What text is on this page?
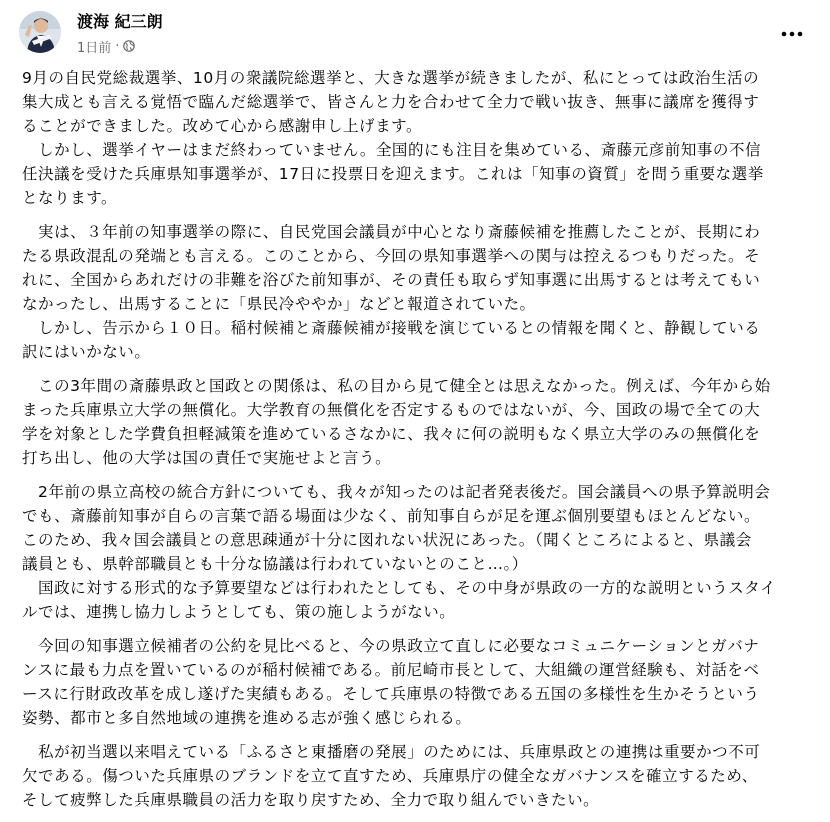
渡海 紀三朗
1日前 ·
9月の自民党総裁選挙、10月の衆議院総選挙と、大きな選挙が続きましたが、私にとっては政治生活の
集大成とも言える覚悟で臨んだ総選挙で、皆さんと力を合わせて全力で戦い抜き、無事に議席を獲得す
ることができました。改めて心から感謝申し上げます。
　しかし、選挙イヤーはまだ終わっていません。全国的にも注目を集めている、斎藤元彦前知事の不信
任決議を受けた兵庫県知事選挙が、17日に投票日を迎えます。これは「知事の資質」を問う重要な選挙
となります。
　実は、３年前の知事選挙の際に、自民党国会議員が中心となり斎藤候補を推薦したことが、長期にわ
たる県政混乱の発端とも言える。このことから、今回の県知事選挙への関与は控えるつもりだった。そ
れに、全国からあれだけの非難を浴びた前知事が、その責任も取らず知事選に出馬するとは考えてもい
なかったし、出馬することに「県民冷ややか」などと報道されていた。
　しかし、告示から１０日。稲村候補と斎藤候補が接戦を演じているとの情報を聞くと、静観している
訳にはいかない。
　この3年間の斎藤県政と国政との関係は、私の目から見て健全とは思えなかった。例えば、今年から始
まった兵庫県立大学の無償化。大学教育の無償化を否定するものではないが、今、国政の場で全ての大
学を対象とした学費負担軽減策を進めているさなかに、我々に何の説明もなく県立大学のみの無償化を
打ち出し、他の大学は国の責任で実施せよと言う。
　2年前の県立高校の統合方針についても、我々が知ったのは記者発表後だ。国会議員への県予算説明会
でも、斎藤前知事が自らの言葉で語る場面は少なく、前知事自らが足を運ぶ個別要望もほとんどない。
このため、我々国会議員との意思疎通が十分に図れない状況にあった。（聞くところによると、県議会
議員とも、県幹部職員とも十分な協議は行われていないとのこと…。）
　国政に対する形式的な予算要望などは行われたとしても、その中身が県政の一方的な説明というスタイ
ルでは、連携し協力しようとしても、策の施しようがない。
　今回の知事選立候補者の公約を見比べると、今の県政立て直しに必要なコミュニケーションとガバナ
ンスに最も力点を置いているのが稲村候補である。前尼崎市長として、大組織の運営経験も、対話をベ
ースに行財政改革を成し遂げた実績もある。そして兵庫県の特徴である五国の多様性を生かそうという
姿勢、都市と多自然地域の連携を進める志が強く感じられる。
　私が初当選以来唱えている「ふるさと東播磨の発展」のためには、兵庫県政との連携は重要かつ不可
欠である。傷ついた兵庫県のブランドを立て直すため、兵庫県庁の健全なガバナンスを確立するため、
そして疲弊した兵庫県職員の活力を取り戻すため、全力で取り組んでいきたい。
